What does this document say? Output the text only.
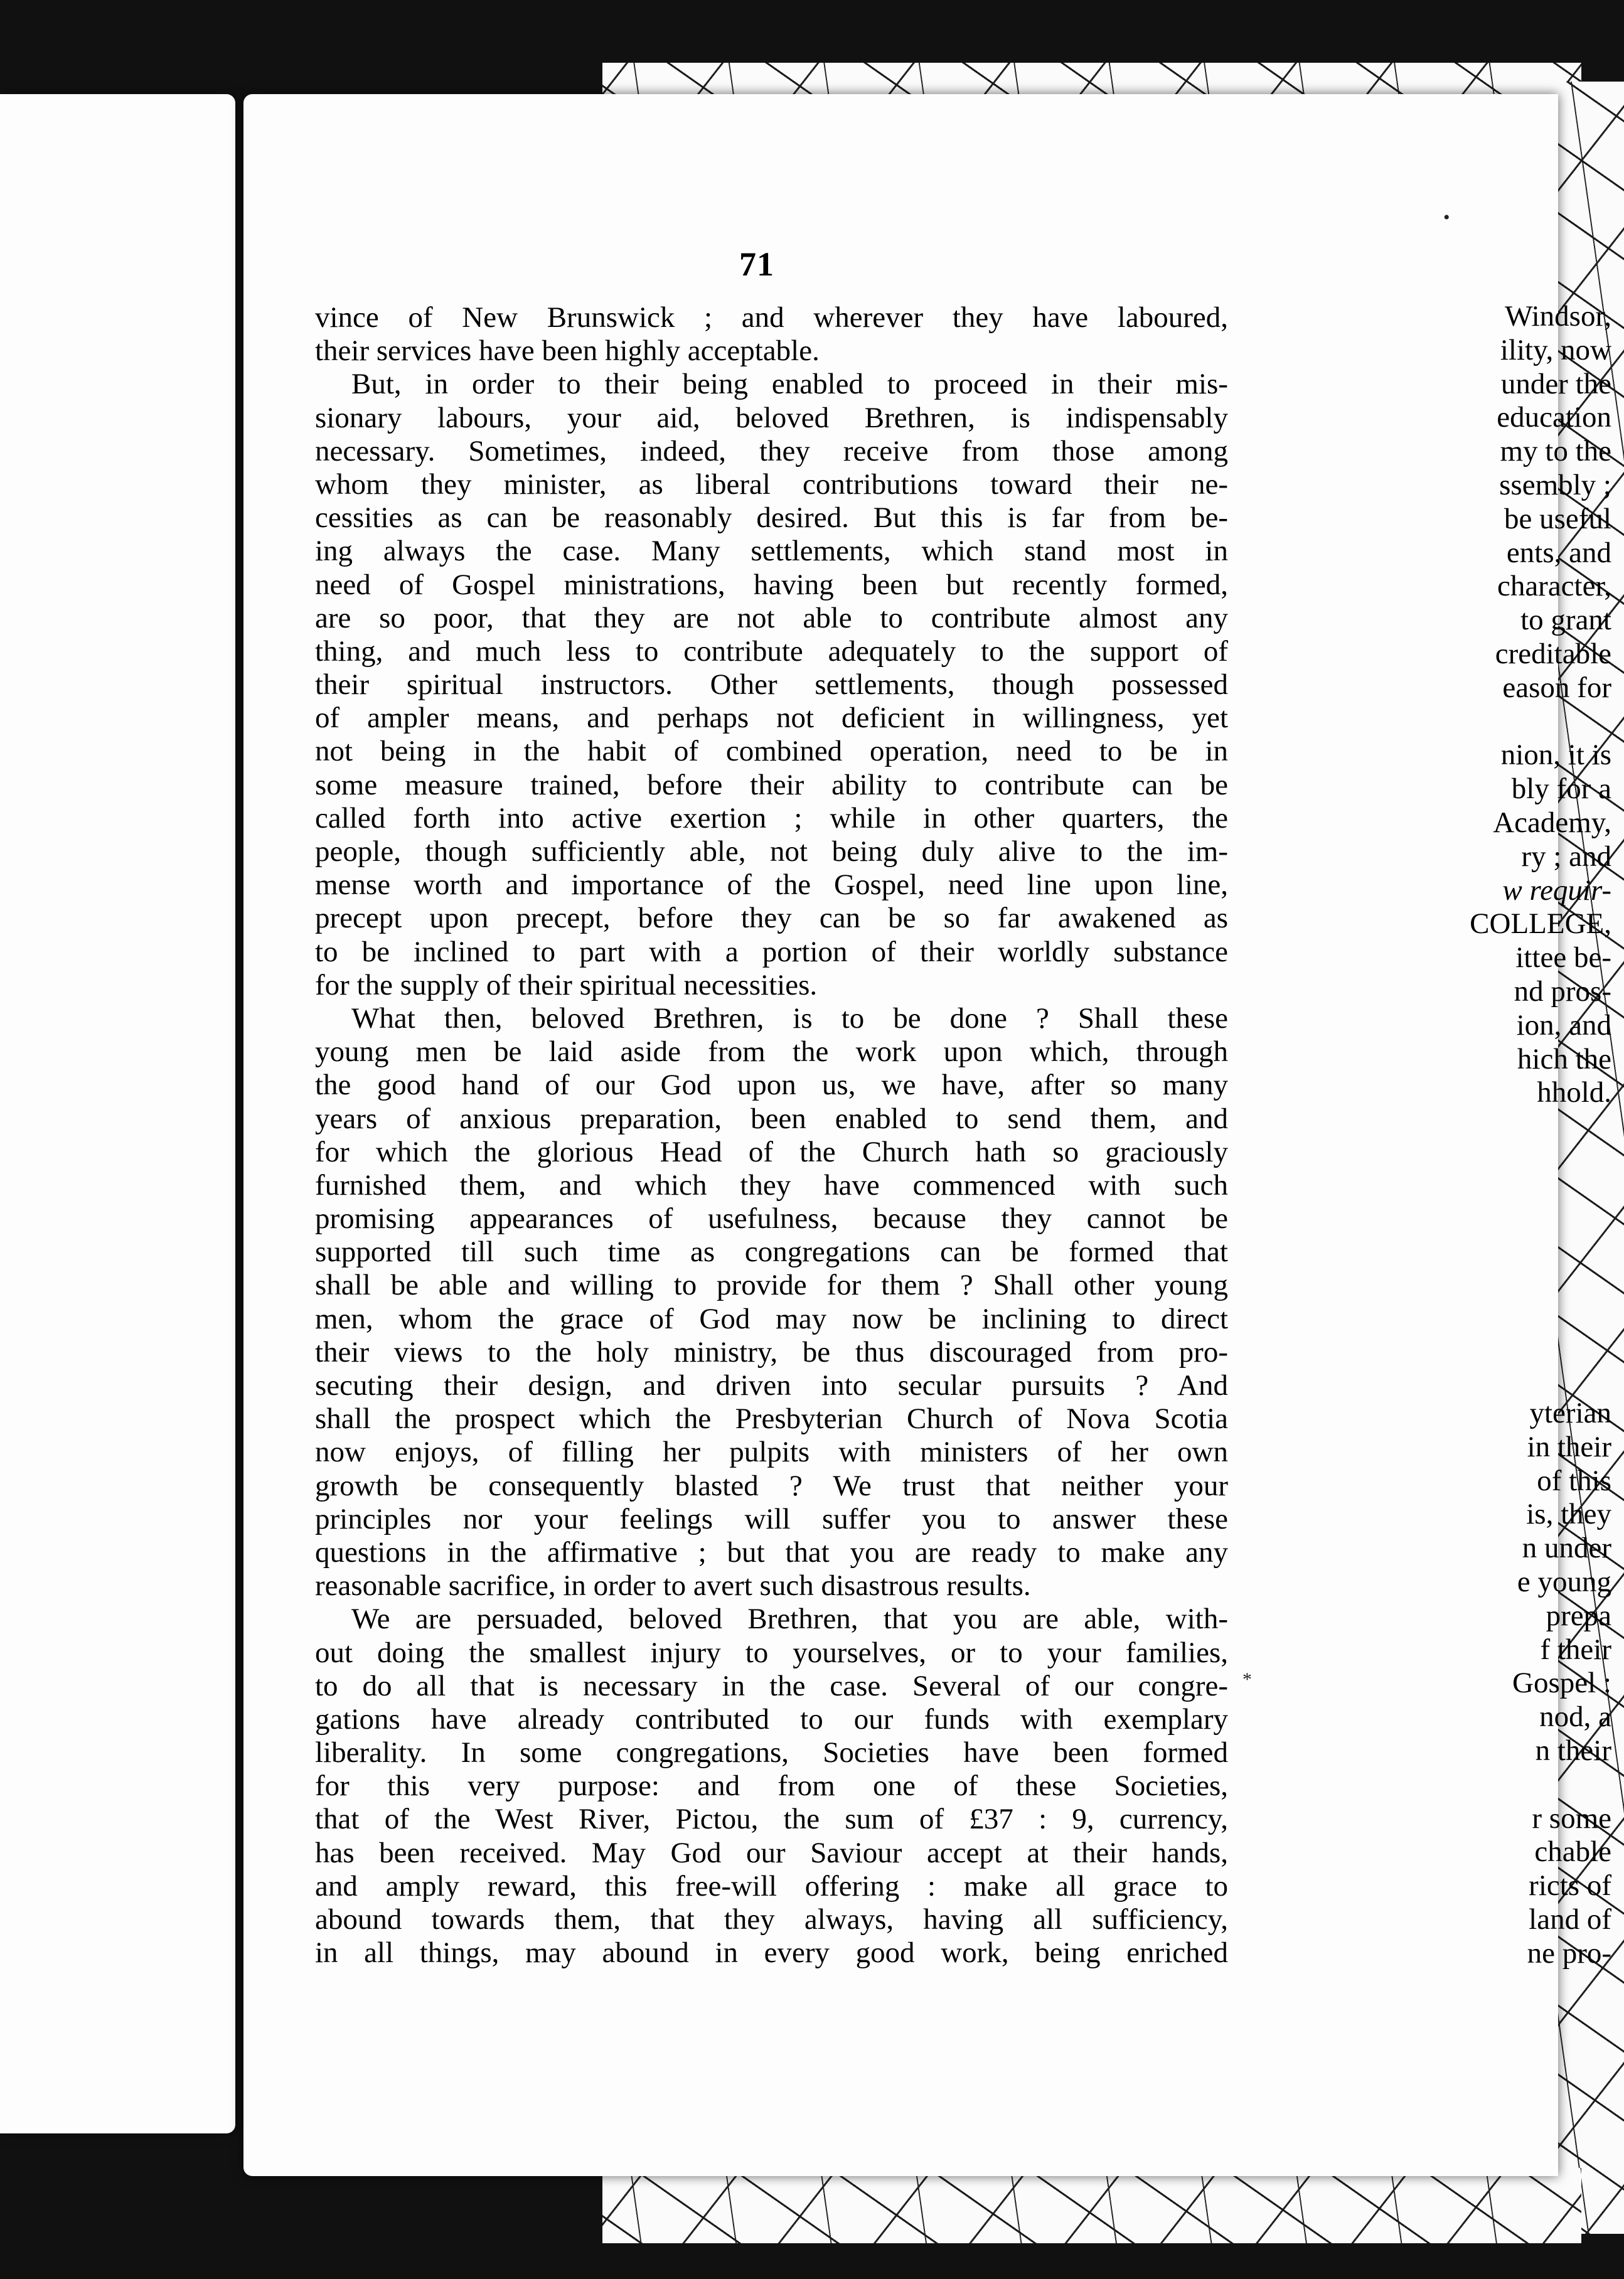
Windsor,
ility, now
under the
education
my to the
ssembly ;
be useful
ents, and
character,
to grant
creditable
eason for
nion, it is
bly for a
Academy,
ry ; and
w requir-
COLLEGE,
ittee be-
nd pros-
ion, and
hich the
hhold.
yterian
in their
of this
is, they
n under
e young
prepa
f their
Gospel :
nod, a
n their
r some
chable
ricts of
land of
ne pro-
71
vince of New Brunswick ; and wherever they have laboured,
their services have been highly acceptable.
But, in order to their being enabled to proceed in their mis-
sionary labours, your aid, beloved Brethren, is indispensably
necessary. Sometimes, indeed, they receive from those among
whom they minister, as liberal contributions toward their ne-
cessities as can be reasonably desired. But this is far from be-
ing always the case. Many settlements, which stand most in
need of Gospel ministrations, having been but recently formed,
are so poor, that they are not able to contribute almost any
thing, and much less to contribute adequately to the support of
their spiritual instructors. Other settlements, though possessed
of ampler means, and perhaps not deficient in willingness, yet
not being in the habit of combined operation, need to be in
some measure trained, before their ability to contribute can be
called forth into active exertion ; while in other quarters, the
people, though sufficiently able, not being duly alive to the im-
mense worth and importance of the Gospel, need line upon line,
precept upon precept, before they can be so far awakened as
to be inclined to part with a portion of their worldly substance
for the supply of their spiritual necessities.
What then, beloved Brethren, is to be done ? Shall these
young men be laid aside from the work upon which, through
the good hand of our God upon us, we have, after so many
years of anxious preparation, been enabled to send them, and
for which the glorious Head of the Church hath so graciously
furnished them, and which they have commenced with such
promising appearances of usefulness, because they cannot be
supported till such time as congregations can be formed that
shall be able and willing to provide for them ? Shall other young
men, whom the grace of God may now be inclining to direct
their views to the holy ministry, be thus discouraged from pro-
secuting their design, and driven into secular pursuits ? And
shall the prospect which the Presbyterian Church of Nova Scotia
now enjoys, of filling her pulpits with ministers of her own
growth be consequently blasted ? We trust that neither your
principles nor your feelings will suffer you to answer these
questions in the affirmative ; but that you are ready to make any
reasonable sacrifice, in order to avert such disastrous results.
We are persuaded, beloved Brethren, that you are able, with-
out doing the smallest injury to yourselves, or to your families,
to do all that is necessary in the case. Several of our congre-
gations have already contributed to our funds with exemplary
liberality. In some congregations, Societies have been formed
for this very purpose: and from one of these Societies,
that of the West River, Pictou, the sum of £37 : 9, currency,
has been received. May God our Saviour accept at their hands,
and amply reward, this free-will offering : make all grace to
abound towards them, that they always, having all sufficiency,
in all things, may abound in every good work, being enriched
•
*
